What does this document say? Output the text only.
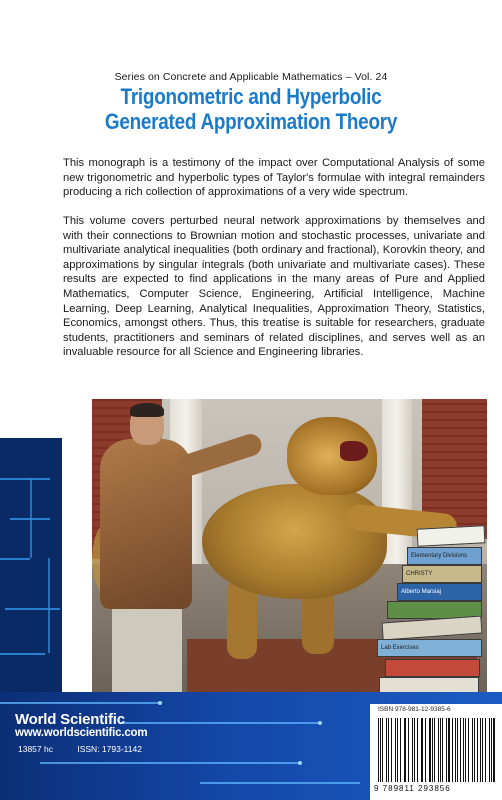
Series on Concrete and Applicable Mathematics – Vol. 24
Trigonometric and Hyperbolic
Generated Approximation Theory
This monograph is a testimony of the impact over Computational Analysis of some new trigonometric and hyperbolic types of Taylor's formulae with integral remainders producing a rich collection of approximations of a very wide spectrum.
This volume covers perturbed neural network approximations by themselves and with their connections to Brownian motion and stochastic processes, univariate and multivariate analytical inequalities (both ordinary and fractional), Korovkin theory, and approximations by singular integrals (both univariate and multivariate cases). These results are expected to find applications in the many areas of Pure and Applied Mathematics, Computer Science, Engineering, Artificial Intelligence, Machine Learning, Deep Learning, Analytical Inequalities, Approximation Theory, Statistics, Economics, amongst others. Thus, this treatise is suitable for researchers, graduate students, practitioners and seminars of related disciplines, and serves well as an invaluable resource for all Science and Engineering libraries.
Elementary Divisions
CHRISTY
Alberto Marsiaj
Lab Exercises
World Scientific
www.worldscientific.com
13857 hc	ISSN: 1793-1142
ISBN 978-981-12-9385-6
9 789811 293856
